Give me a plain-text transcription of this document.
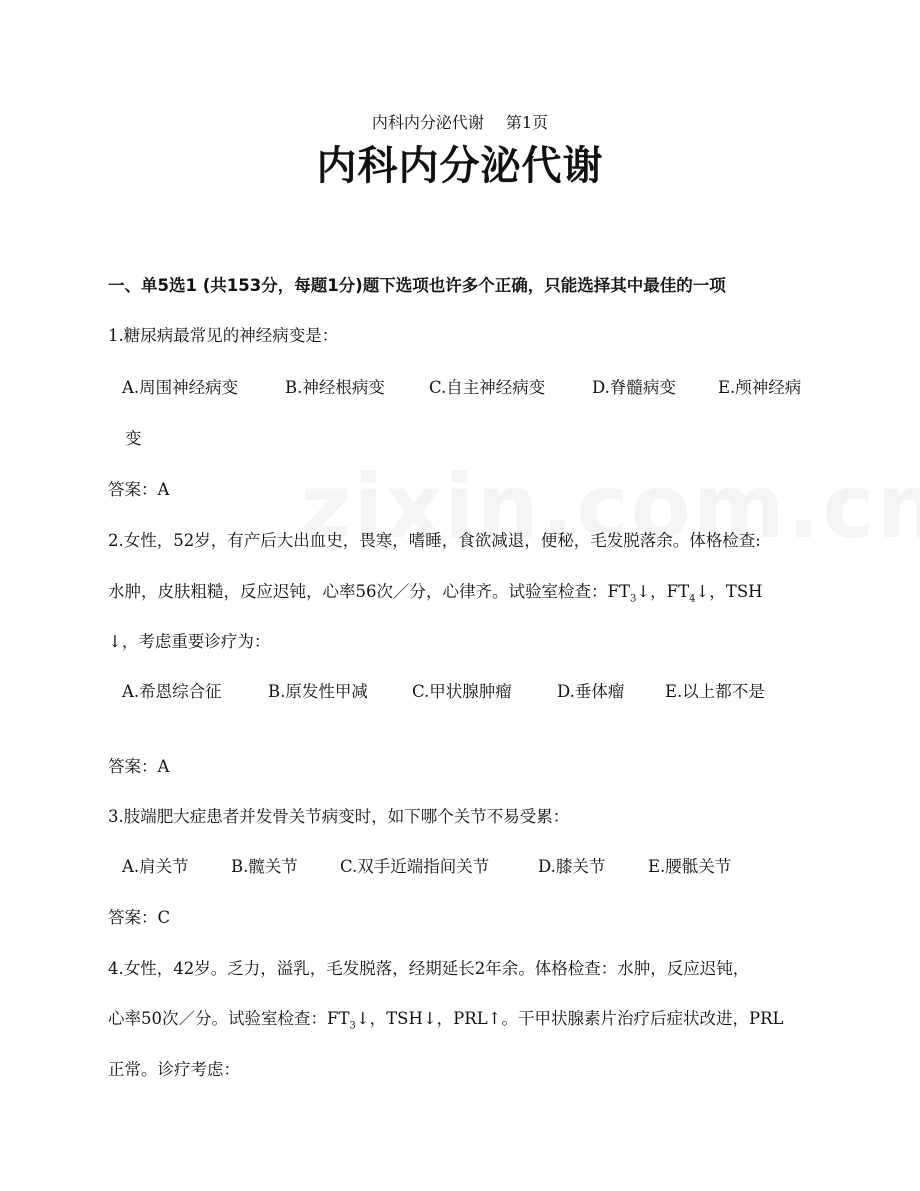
内科内分泌代谢 第1页
内科内分泌代谢
一、单5选1 (共153分，每题1分)题下选项也许多个正确，只能选择其中最佳的一项
1.糖尿病最常见的神经病变是：
A.周围神经病变	B.神经根病变	C.自主神经病变	D.脊髓病变	E.颅神经病
变
答案：A
2.女性，52岁，有产后大出血史，畏寒，嗜睡，食欲减退，便秘，毛发脱落余。体格检查:
水肿，皮肤粗糙，反应迟钝，心率56次／分，心律齐。试验室检查：$FT_3↓$，$FT_4↓$，TSH
↓，考虑重要诊疗为：
A.希恩综合征	B.原发性甲减	C.甲状腺肿瘤	D.垂体瘤 E.以上都不是
答案：A
3.肢端肥大症患者并发骨关节病变时，如下哪个关节不易受累：
A.肩关节	B.髋关节	C.双手近端指间关节	D.膝关节	E.腰骶关节
答案：C
4.女性，42岁。乏力，溢乳，毛发脱落，经期延长2年余。体格检查：水肿，反应迟钝，
心率50次／分。试验室检查：$FT_3↓$，TSH↓，PRL↑。干甲状腺素片治疗后症状改进，PRL
正常。诊疗考虑：
